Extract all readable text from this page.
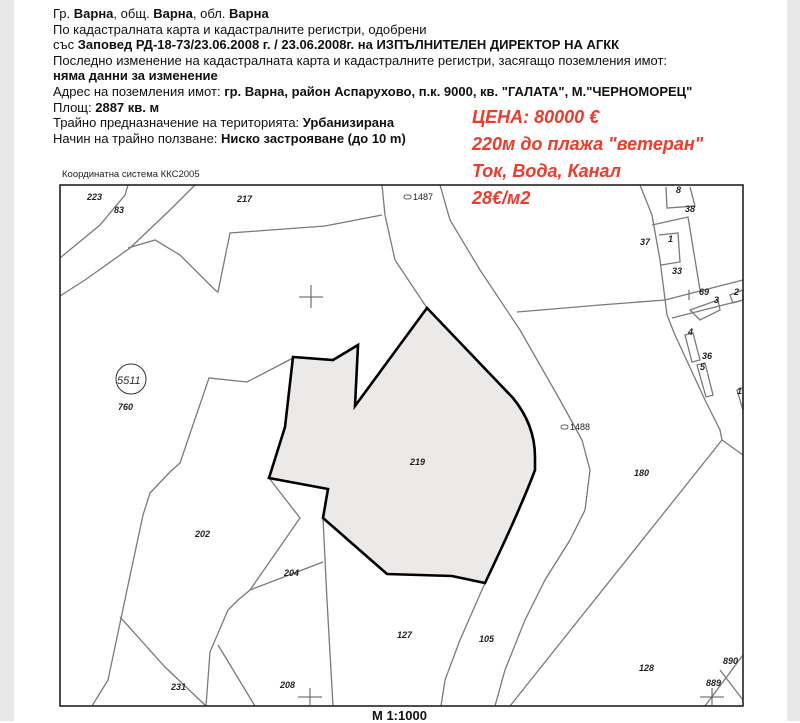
Гр. Варна, общ. Варна, обл. Варна
По кадастралната карта и кадастралните регистри, одобрени
със Заповед РД-18-73/23.06.2008 г. / 23.06.2008г. на ИЗПЪЛНИТЕЛЕН ДИРЕКТОР НА АГКК
Последно изменение на кадастралната карта и кадастралните регистри, засягащо поземления имот:
няма данни за изменение
Адрес на поземления имот: гр. Варна, район Аспарухово, п.к. 9000, кв. "ГАЛАТА", М."ЧЕРНОМОРЕЦ"
Площ: 2887 кв. м
Трайно предназначение на територията: Урбанизирана
Начин на трайно ползване: Ниско застрояване (до 10 m)
Координатна система ККС2005
223
83
217
8
38
37 1
33
69
3
2
4
36
5
1
760
219
180
202
204
127	105
128
890
889
231	208
1487
1488
5511
ЦЕНА: 80000 €
220м до плажа "ветеран"
Ток, Вода, Канал
28€/м2
М 1:1000
